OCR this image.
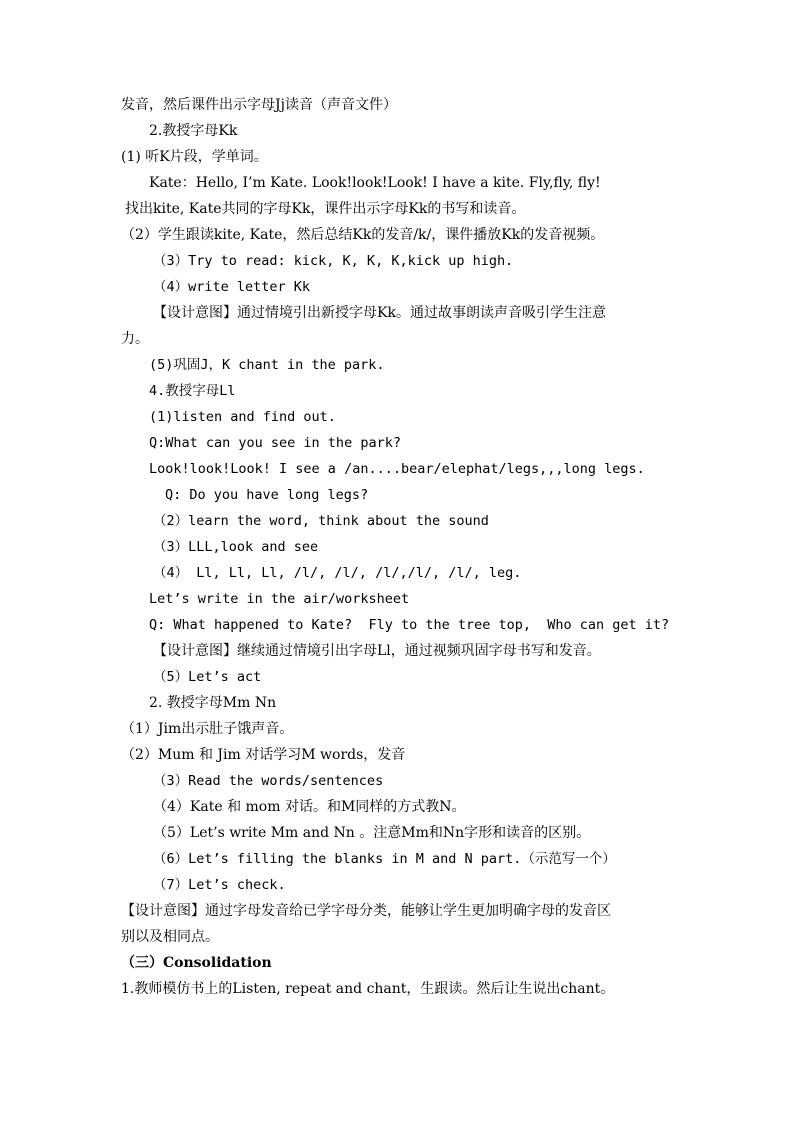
发音，然后课件出示字母Jj读音（声音文件）
2.教授字母Kk
(1) 听K片段，学单词。
Kate：Hello, I’m Kate. Look!look!Look! I have a kite. Fly,fly, fly!
找出kite, Kate共同的字母Kk，课件出示字母Kk的书写和读音。
（2）学生跟读kite, Kate，然后总结Kk的发音/k/，课件播放Kk的发音视频。
（3）Try to read: kick, K, K, K,kick up high.
（4）write letter Kk
【设计意图】通过情境引出新授字母Kk。通过故事朗读声音吸引学生注意
力。
(5)巩固J，K chant in the park.
4.教授字母Ll
(1)listen and find out.
Q:What can you see in the park?
Look!look!Look! I see a /an....bear/elephat/legs,,,long legs.
Q: Do you have long legs?
（2）learn the word, think about the sound
（3）LLL,look and see
（4） Ll, Ll, Ll, /l/, /l/, /l/,/l/, /l/, leg.
Let’s write in the air/worksheet
Q: What happened to Kate?  Fly to the tree top,  Who can get it?
【设计意图】继续通过情境引出字母Ll，通过视频巩固字母书写和发音。
（5）Let’s act
2. 教授字母Mm Nn
（1）Jim出示肚子饿声音。
（2）Mum 和 Jim 对话学习M words，发音
（3）Read the words/sentences
（4）Kate 和 mom 对话。和M同样的方式教N。
（5）Let’s write Mm and Nn 。注意Mm和Nn字形和读音的区别。
（6）Let’s filling the blanks in M and N part.（示范写一个）
（7）Let’s check.
【设计意图】通过字母发音给已学字母分类，能够让学生更加明确字母的发音区
别以及相同点。
（三）Consolidation
1.教师模仿书上的Listen, repeat and chant，生跟读。然后让生说出chant。
